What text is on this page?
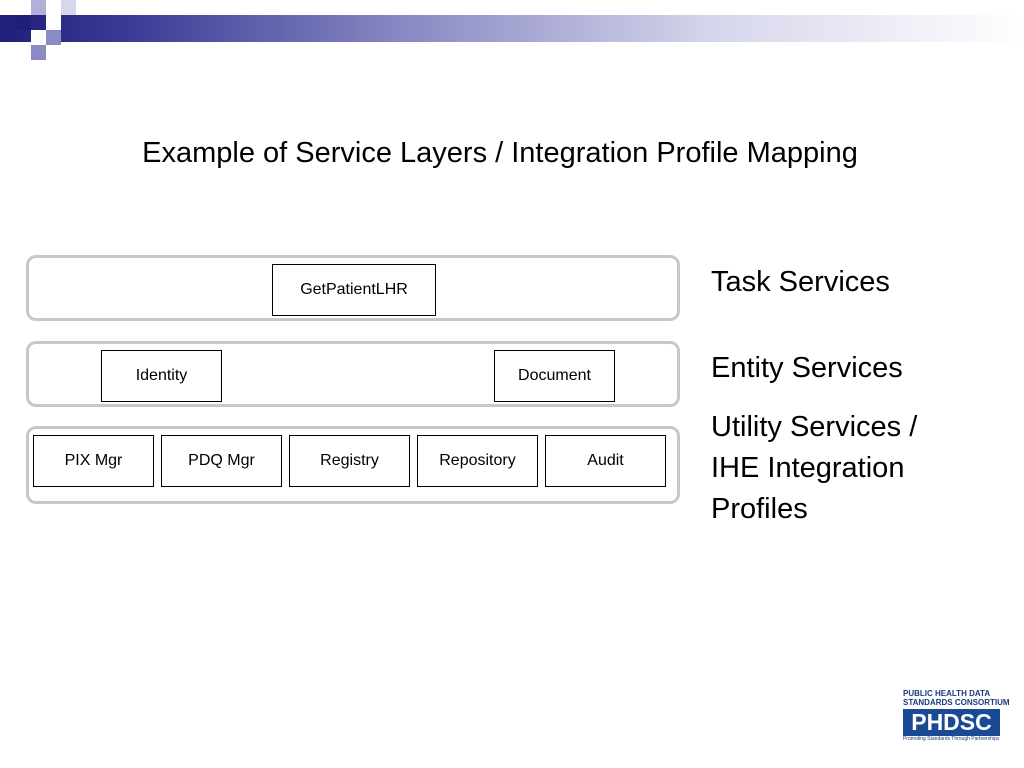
Example of Service Layers / Integration Profile Mapping
GetPatientLHR
Identity	Document
PIX Mgr	PDQ Mgr	Registry	Repository	Audit
Task Services
Entity Services
Utility Services /
IHE Integration
Profiles
PUBLIC HEALTH DATA
STANDARDS CONSORTIUM
PHDSC
Promoting Standards Through Partnerships
